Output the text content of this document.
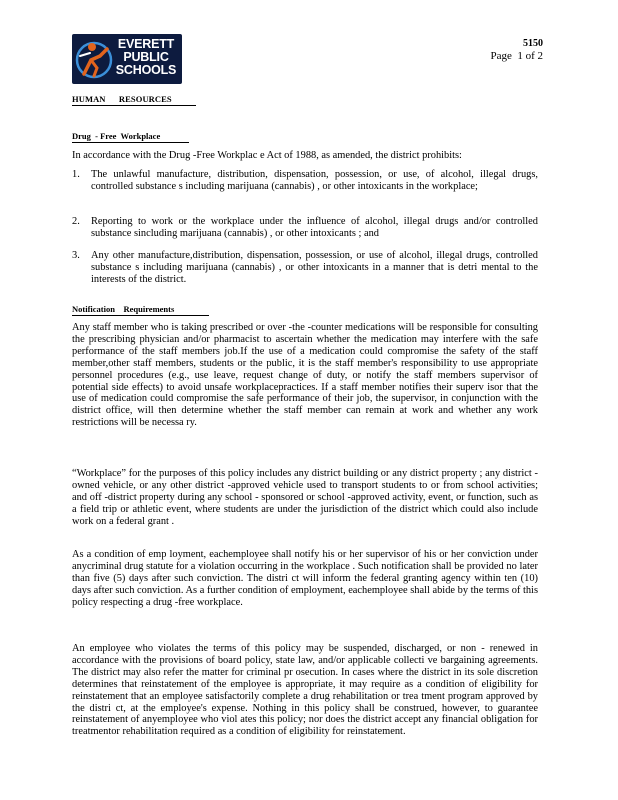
EVERETT
PUBLIC
SCHOOLS
5150
Page  1 of 2
HUMAN      RESOURCES
Drug  - Free  Workplace
In accordance with the Drug -Free Workplac e Act of 1988, as amended, the district prohibits:
1. The unlawful manufacture, distribution, dispensation, possession, or use, of alcohol, illegal drugs, controlled substance s including marijuana (cannabis) , or other intoxicants in the workplace;
2. Reporting to work or the workplace under the influence of alcohol, illegal drugs and/or controlled substance sincluding marijuana (cannabis) , or other intoxicants ; and
3. Any other manufacture,distribution, dispensation, possession, or use of alcohol, illegal drugs, controlled substance s including marijuana (cannabis) , or other intoxicants in a manner that is detri mental to the interests of the district.
Notification    Requirements
Any staff member who is taking prescribed or over -the -counter medications will be responsible for consulting the prescribing physician and/or pharmacist to ascertain whether the medication may interfere with the safe performance of the staff members job.If the use of a medication could compromise the safety of the staff member,other staff members, students or the public, it is the staff member's responsibility to use appropriate personnel procedures (e.g., use leave, request change of duty, or notify the staff members supervisor of potential side effects) to avoid unsafe workplacepractices. If a staff member notifies their superv isor that the use of medication could compromise the safe performance of their job, the supervisor, in conjunction with the district office, will then determine whether the staff member can remain at work and whether any work restrictions will be necessa ry.
“Workplace” for the purposes of this policy includes any district building or any district property ; any district -owned vehicle, or any other district -approved vehicle used to transport students to or from school activities; and off -district property during any school - sponsored or school -approved activity, event, or function, such as a field trip or athletic event, where students are under the jurisdiction of the district which could also include work on a federal grant .
As a condition of emp loyment, eachemployee shall notify his or her supervisor of his or her conviction under anycriminal drug statute for a violation occurring in the workplace . Such notification shall be provided no later than five (5) days after such conviction. The distri ct will inform the federal granting agency within ten (10) days after such conviction. As a further condition of employment, eachemployee shall abide by the terms of this policy respecting a drug -free workplace.
An employee who violates the terms of this policy may be suspended, discharged, or non - renewed in accordance with the provisions of board policy, state law, and/or applicable collecti ve bargaining agreements. The district may also refer the matter for criminal pr osecution. In cases where the district in its sole discretion determines that reinstatement of the employee is appropriate, it may require as a condition of eligibility for reinstatement that an employee satisfactorily complete a drug rehabilitation or trea tment program approved by the distri ct, at the employee's expense. Nothing in this policy shall be construed, however, to guarantee reinstatement of anyemployee who viol ates this policy; nor does the district accept any financial obligation for treatmentor rehabilitation required as a condition of eligibility for reinstatement.
